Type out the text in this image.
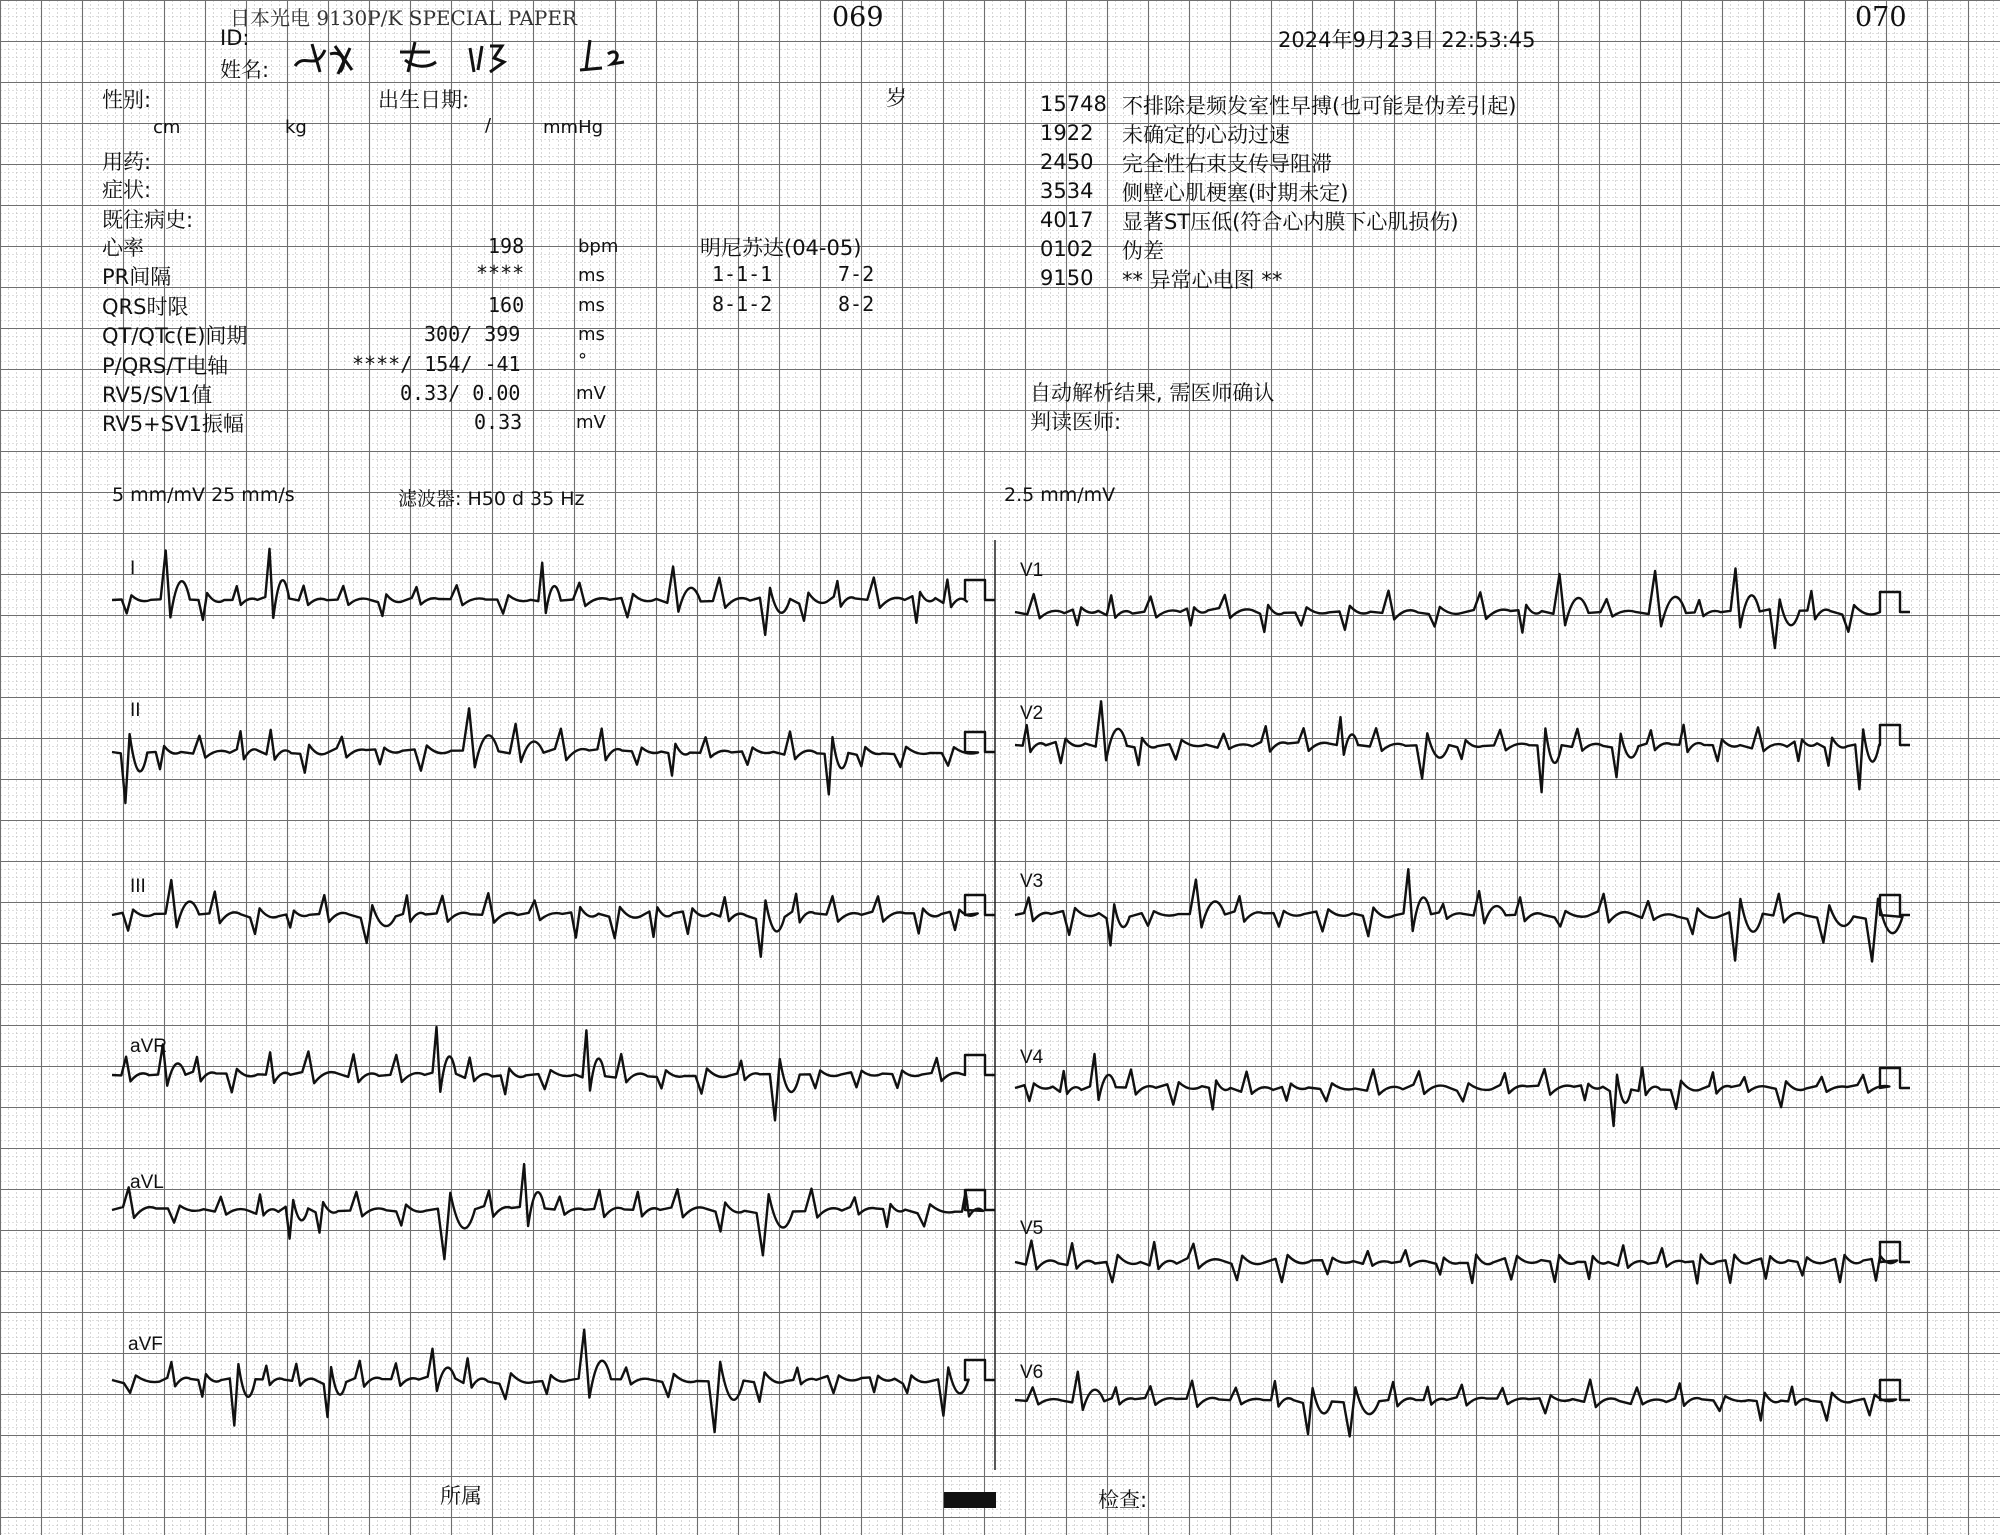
日本光电 9130P/K SPECIAL PAPER	069	070
2024年9月23日 22:53:45
ID:
姓名:
性别:	出生日期:	岁
cm	kg	/	mmHg
用药:
症状:
既往病史:
心率	198	bpm
PR间隔	****	ms
QRS时限	160	ms
QT/QTc(E)间期	300/ 399	ms
P/QRS/T电轴	****/ 154/ -41	°
RV5/SV1值	0.33/ 0.00	mV
RV5+SV1振幅	0.33	mV
明尼苏达(04-05)
1-1-1	7-2
8-1-2	8-2
15748 不排除是频发室性早搏(也可能是伪差引起)
1922 未确定的心动过速
2450 完全性右束支传导阻滞
3534 侧壁心肌梗塞(时期未定)
4017 显著ST压低(符合心内膜下心肌损伤)
0102 伪差
9150 ** 异常心电图 **
自动解析结果, 需医师确认
判读医师:
5 mm/mV 25 mm/s	滤波器: H50 d 35 Hz	2.5 mm/mV
I
II
III
aVR
aVL
aVF
V1
V2
V3
V4
V5
V6
所属	检查:
